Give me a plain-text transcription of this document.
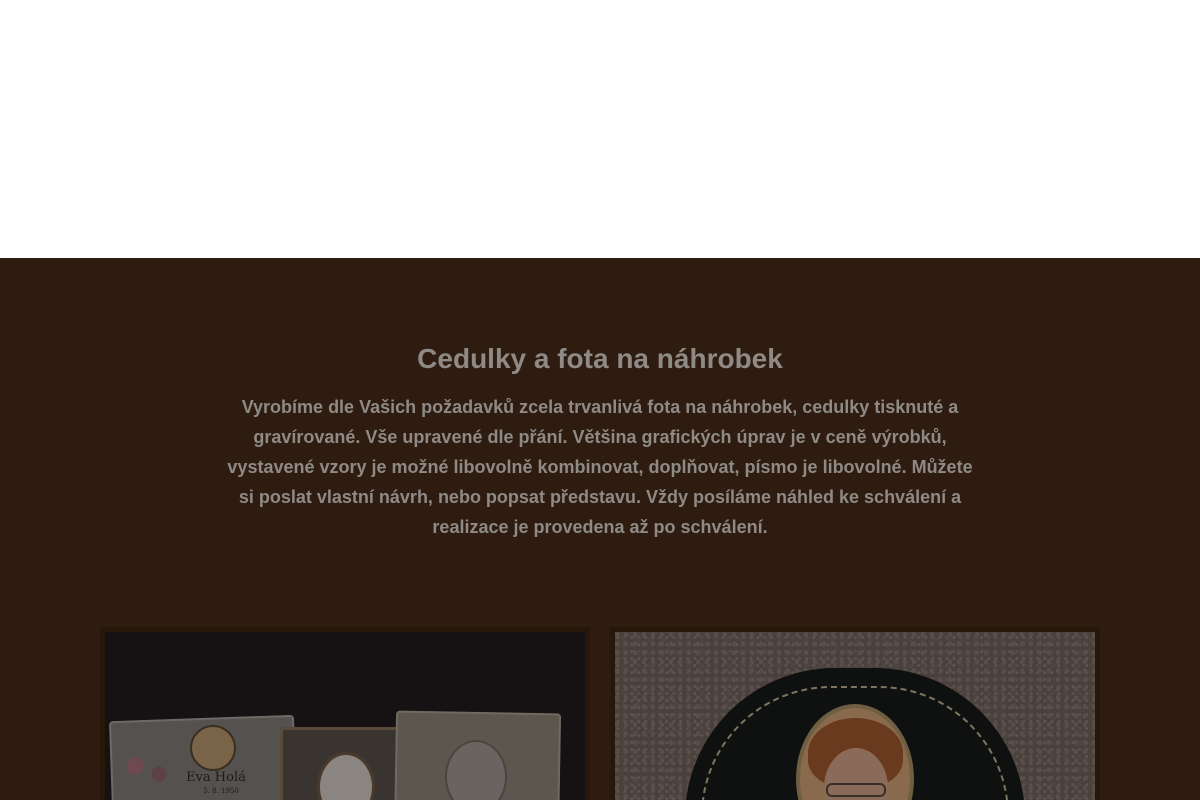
Cedulky a fota na náhrobek

Vyrobíme dle Vašich požadavků zcela trvanlivá fota na náhrobek, cedulky tisknuté a gravírované. Vše upravené dle přání. Většina grafických úprav je v ceně výrobků, vystavené vzory je možné libovolně kombinovat, doplňovat, písmo je libovolné. Můžete si poslat vlastní návrh, nebo popsat představu. Vždy posíláme náhled ke schválení a realizace je provedena až po schválení.

Eva Holá
5. 8. 1950
